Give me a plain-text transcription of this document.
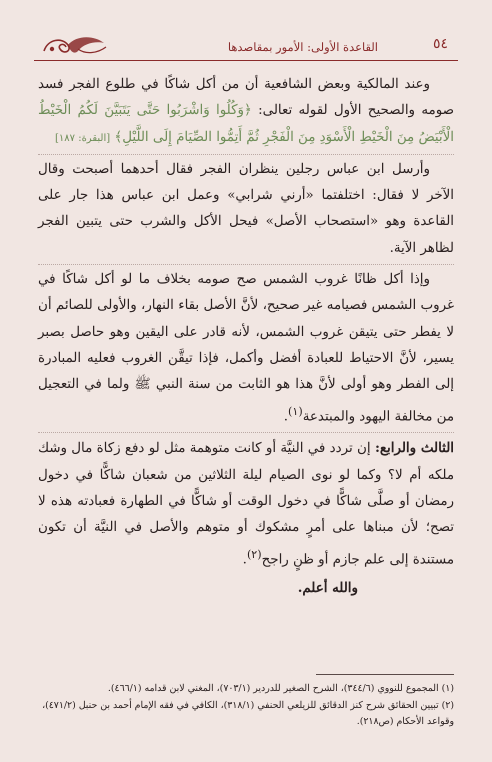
القاعدة الأولى: الأمور بمقاصدها	٥٤

وعند المالكية وبعض الشافعية أن من أكل شاكًا في طلوع الفجر فسد صومه والصحيح الأول لقوله تعالى: ﴿وَكُلُوا وَاشْرَبُوا حَتَّى يَتَبَيَّنَ لَكُمُ الْخَيْطُ الْأَبْيَضُ مِنَ الْخَيْطِ الْأَسْوَدِ مِنَ الْفَجْرِ ثُمَّ أَتِمُّوا الصِّيَامَ إِلَى اللَّيْلِ﴾ [البقرة: ١٨٧]

وأرسل ابن عباس رجلين ينظران الفجر فقال أحدهما أصبحت وقال الآخر لا فقال: اختلفتما «أرني شرابي» وعمل ابن عباس هذا جار على القاعدة وهو «استصحاب الأصل» فيحل الأكل والشرب حتى يتبين الفجر لظاهر الآية.

وإذا أكل ظانًا غروب الشمس صح صومه بخلاف ما لو أكل شاكًا في غروب الشمس فصيامه غير صحيح، لأنَّ الأصل بقاء النهار، والأولى للصائم أن لا يفطر حتى يتيقن غروب الشمس، لأنه قادر على اليقين وهو حاصل بصبر يسير، لأنَّ الاحتياط للعبادة أفضل وأكمل، فإذا تيقَّن الغروب فعليه المبادرة إلى الفطر وهو أولى لأنَّ هذا هو الثابت من سنة النبي ﷺ ولما في التعجيل من مخالفة اليهود والمبتدعة$^{(١)}$.

الثالث والرابع: إن تردد في النيَّة أو كانت متوهمة مثل لو دفع زكاة مال وشك ملكه أم لا؟ وكما لو نوى الصيام ليلة الثلاثين من شعبان شاكًّا في دخول رمضان أو صلَّى شاكًّا في دخول الوقت أو شاكًّا في الطهارة فعبادته هذه لا تصح؛ لأن مبناها على أمرٍ مشكوك أو متوهم والأصل في النيَّة أن تكون مستندة إلى علم جازم أو ظنٍ راجح$^{(٢)}$.

والله أعلم.

(١) المجموع للنووي (٣٤٤/٦)، الشرح الصغير للدردير (٧٠٣/١)، المغني لابن قدامه (٤٦٦/١).

(٢) تبيين الحقائق شرح كنز الدقائق للزيلعي الحنفي (٣١٨/١)، الكافي في فقه الإمام أحمد بن حنبل (٤٧١/٢)، وقواعد الأحكام (ص٢١٨).
